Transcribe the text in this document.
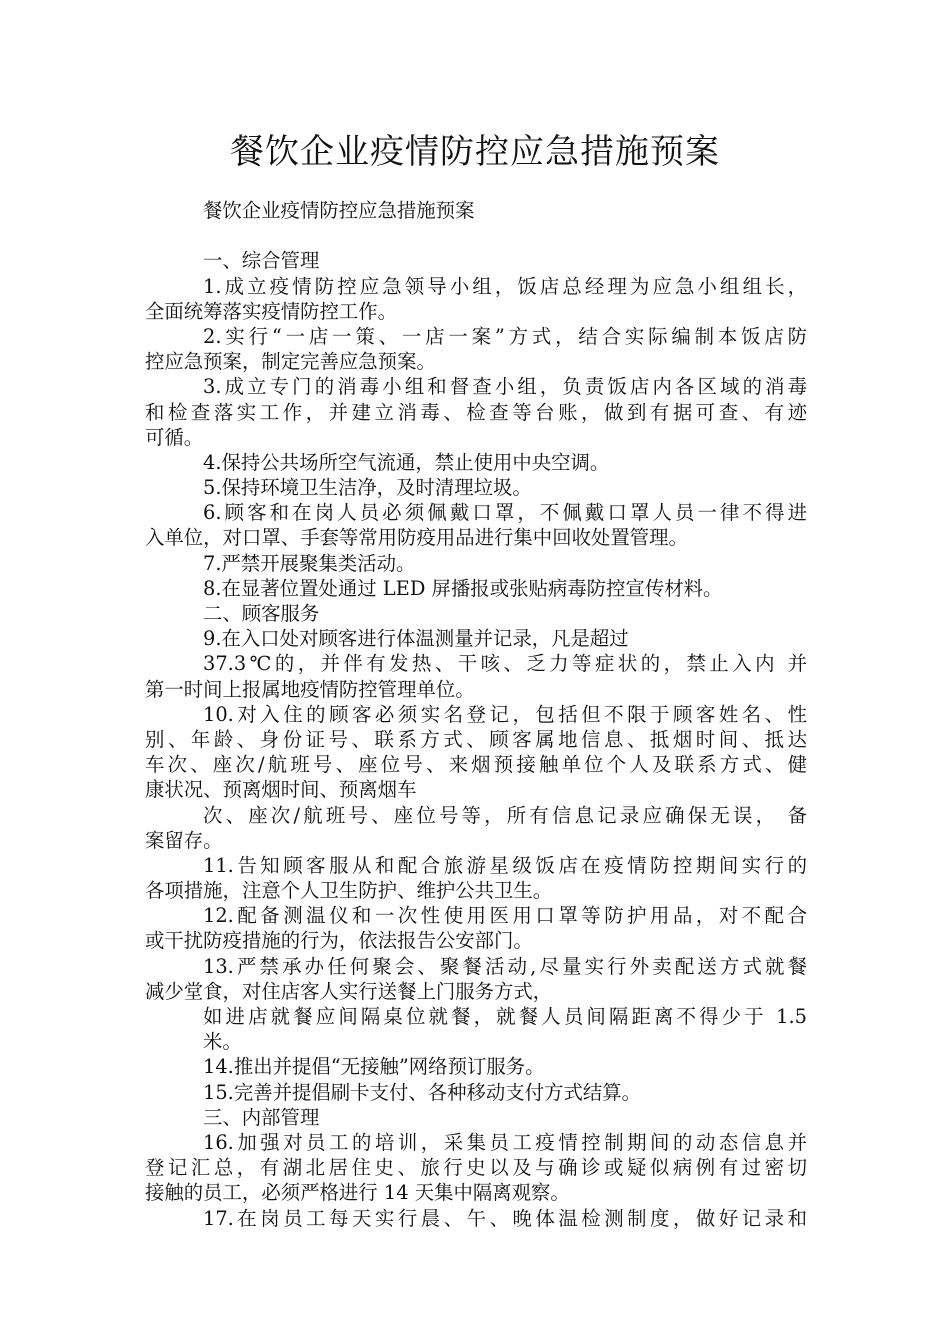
餐饮企业疫情防控应急措施预案
餐饮企业疫情防控应急措施预案
一、综合管理
1.成立疫情防控应急领导小组，饭店总经理为应急小组组长，
全面统筹落实疫情防控工作。
2.实行“一店一策、一店一案”方式，结合实际编制本饭店防
控应急预案，制定完善应急预案。
3.成立专门的消毒小组和督查小组，负责饭店内各区域的消毒
和检查落实工作，并建立消毒、检查等台账，做到有据可查、有迹
可循。
4.保持公共场所空气流通，禁止使用中央空调。
5.保持环境卫生洁净，及时清理垃圾。
6.顾客和在岗人员必须佩戴口罩，不佩戴口罩人员一律不得进
入单位，对口罩、手套等常用防疫用品进行集中回收处置管理。
7.严禁开展聚集类活动。
8.在显著位置处通过 LED 屏播报或张贴病毒防控宣传材料。
二、顾客服务
9.在入口处对顾客进行体温测量并记录，凡是超过
37.3℃的，并伴有发热、干咳、乏力等症状的，禁止入内 并
第一时间上报属地疫情防控管理单位。
10.对入住的顾客必须实名登记，包括但不限于顾客姓名、性
别、年龄、身份证号、联系方式、顾客属地信息、抵烟时间、抵达
车次、座次/航班号、座位号、来烟预接触单位个人及联系方式、健
康状况、预离烟时间、预离烟车
次、座次/航班号、座位号等，所有信息记录应确保无误， 备
案留存。
11.告知顾客服从和配合旅游星级饭店在疫情防控期间实行的
各项措施，注意个人卫生防护、维护公共卫生。
12.配备测温仪和一次性使用医用口罩等防护用品，对不配合
或干扰防疫措施的行为，依法报告公安部门。
13.严禁承办任何聚会、聚餐活动,尽量实行外卖配送方式就餐
减少堂食，对住店客人实行送餐上门服务方式，
如进店就餐应间隔桌位就餐，就餐人员间隔距离不得少于 1.5
米。
14.推出并提倡“无接触”网络预订服务。
15.完善并提倡刷卡支付、各种移动支付方式结算。
三、内部管理
16.加强对员工的培训，采集员工疫情控制期间的动态信息并
登记汇总，有湖北居住史、旅行史以及与确诊或疑似病例有过密切
接触的员工，必须严格进行 14 天集中隔离观察。
17.在岗员工每天实行晨、午、晚体温检测制度，做好记录和
